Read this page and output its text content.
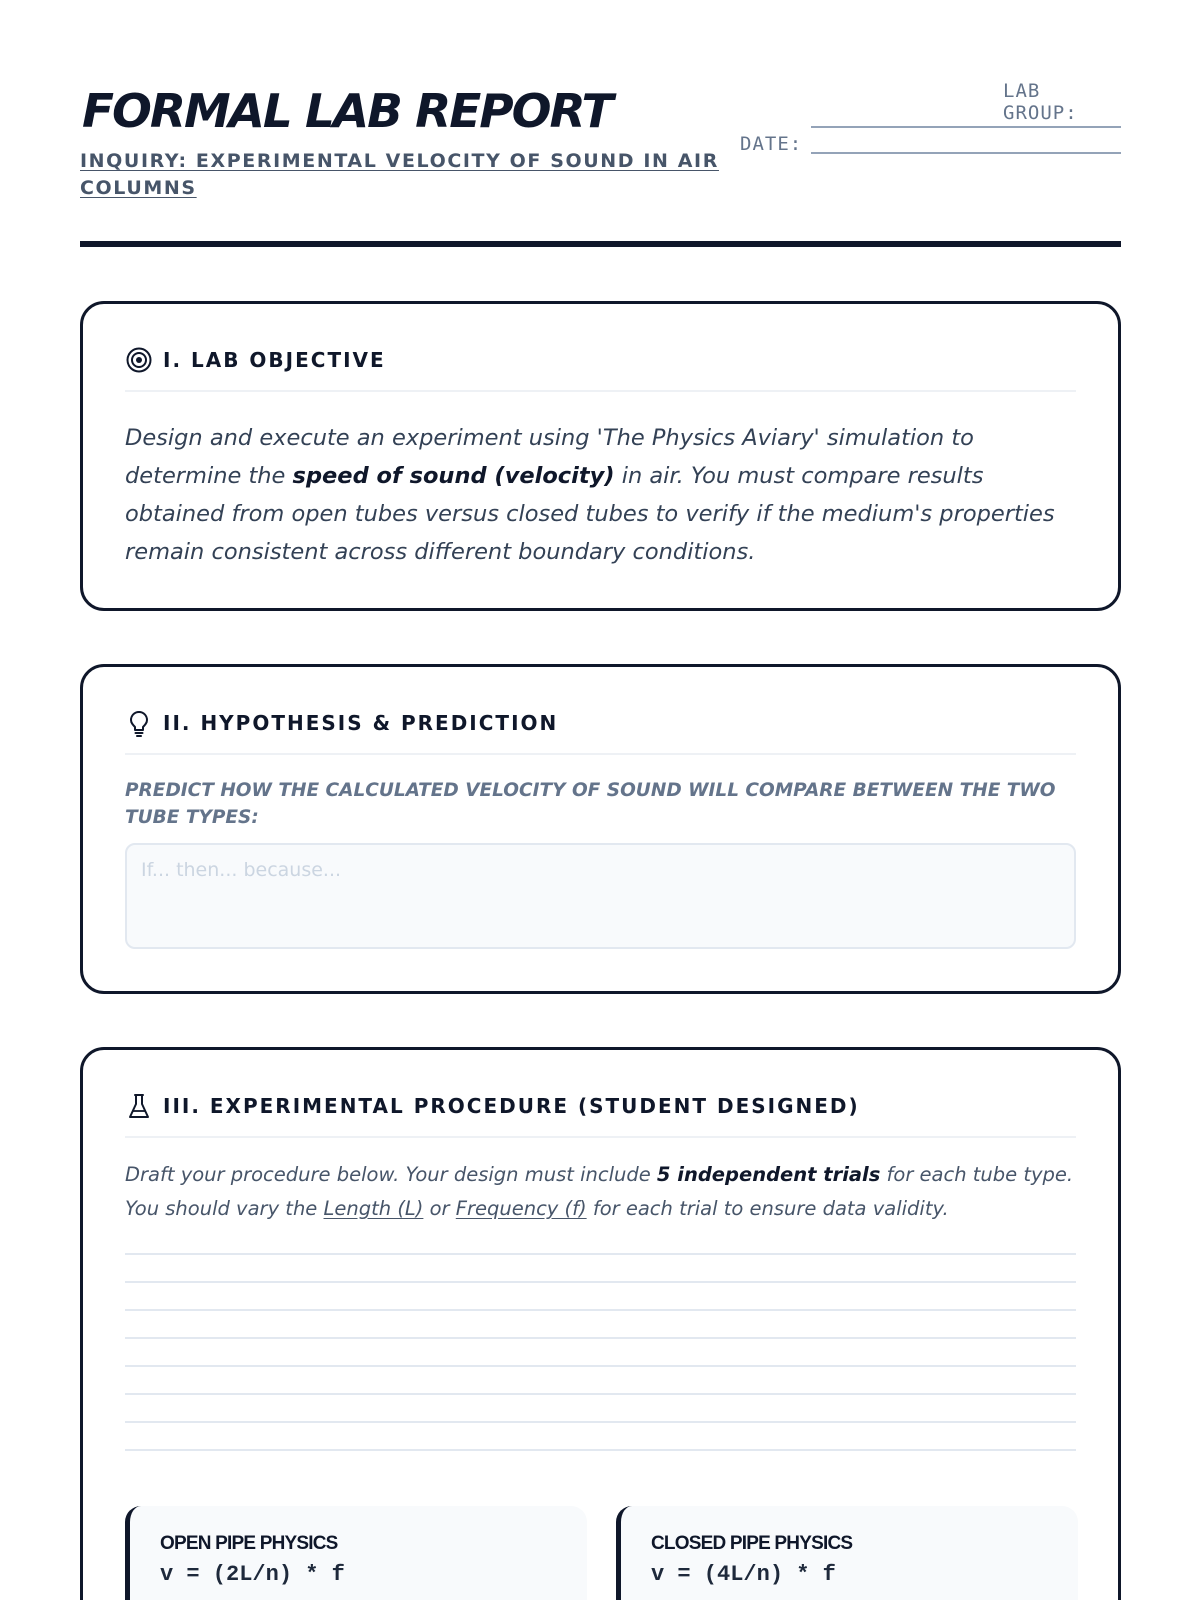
FORMAL LAB REPORT
INQUIRY: EXPERIMENTAL VELOCITY OF SOUND IN AIR COLUMNS
LAB GROUP:
DATE:
I. LAB OBJECTIVE
Design and execute an experiment using 'The Physics Aviary' simulation to determine the speed of sound (velocity) in air. You must compare results obtained from open tubes versus closed tubes to verify if the medium's properties remain consistent across different boundary conditions.
II. HYPOTHESIS & PREDICTION
PREDICT HOW THE CALCULATED VELOCITY OF SOUND WILL COMPARE BETWEEN THE TWO TUBE TYPES:
If... then... because...
III. EXPERIMENTAL PROCEDURE (STUDENT DESIGNED)
Draft your procedure below. Your design must include 5 independent trials for each tube type. You should vary the Length (L) or Frequency (f) for each trial to ensure data validity.
OPEN PIPE PHYSICS
v = (2L/n) * f
CLOSED PIPE PHYSICS
v = (4L/n) * f
